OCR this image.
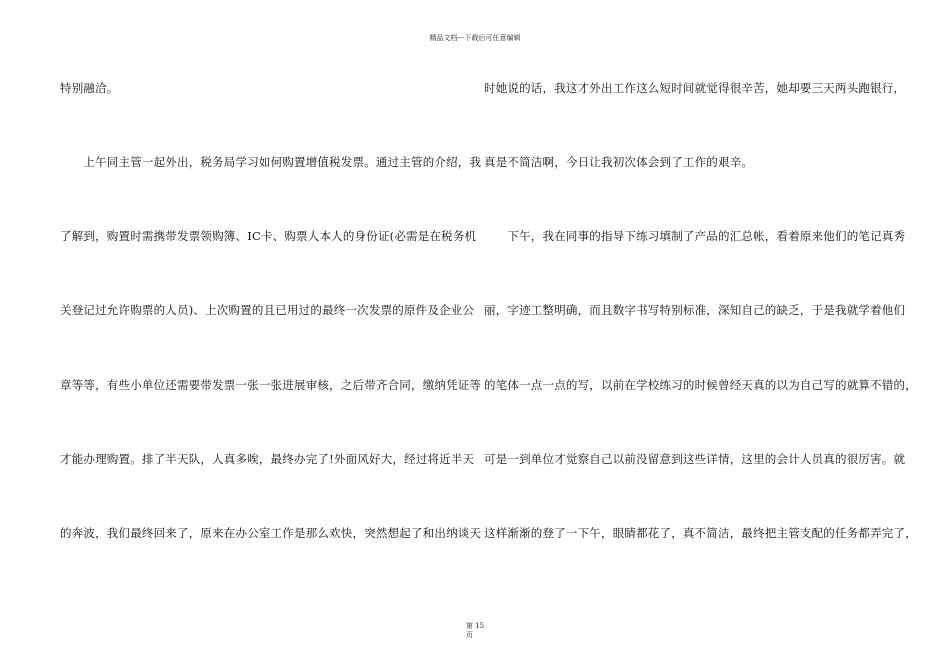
精品文档---下载后可任意编辑
特别融洽。
　　上午同主管一起外出，税务局学习如何购置增值税发票。通过主管的介绍，我
了解到，购置时需携带发票领购簿、IC卡、购票人本人的身份证(必需是在税务机
关登记过允许购票的人员)、上次购置的且已用过的最终一次发票的原件及企业公
章等等，有些小单位还需要带发票一张一张进展审核，之后带齐合同，缴纳凭证等
才能办理购置。排了半天队，人真多唉，最终办完了!外面风好大，经过将近半天
的奔波，我们最终回来了，原来在办公室工作是那么欢快，突然想起了和出纳谈天
时她说的话，我这才外出工作这么短时间就觉得很辛苦，她却要三天两头跑银行，
真是不简洁啊，今日让我初次体会到了工作的艰辛。
　　下午，我在同事的指导下练习填制了产品的汇总帐，看着原来他们的笔记真秀
丽，字迹工整明确，而且数字书写特别标准，深知自己的缺乏，于是我就学着他们
的笔体一点一点的写，以前在学校练习的时候曾经天真的以为自己写的就算不错的，
可是一到单位才觉察自己以前没留意到这些详情，这里的会计人员真的很厉害。就
这样渐渐的登了一下午，眼睛都花了，真不简洁，最终把主管支配的任务都弄完了，
第 15
页
